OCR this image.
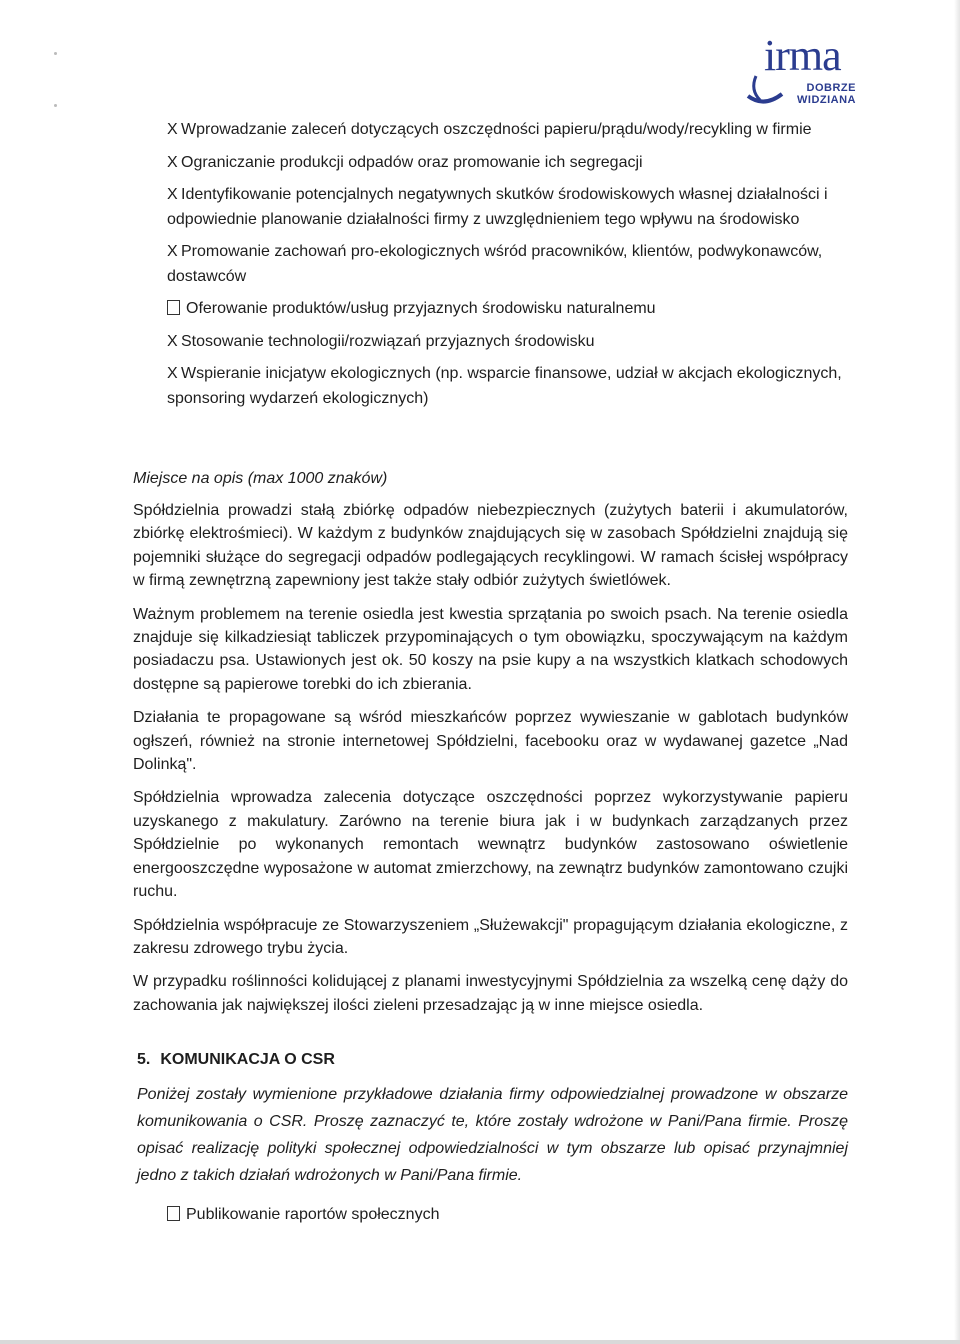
irma
DOBRZE
WIDZIANA

X Wprowadzanie zaleceń dotyczących oszczędności papieru/prądu/wody/recykling w firmie

X Ograniczanie produkcji odpadów oraz promowanie ich segregacji

X Identyfikowanie potencjalnych negatywnych skutków środowiskowych własnej działalności i odpowiednie planowanie działalności firmy z uwzględnieniem tego wpływu na środowisko

X Promowanie zachowań pro-ekologicznych wśród pracowników, klientów, podwykonawców, dostawców

Oferowanie produktów/usług przyjaznych środowisku naturalnemu

X Stosowanie technologii/rozwiązań przyjaznych środowisku

X Wspieranie inicjatyw ekologicznych (np. wsparcie finansowe, udział w akcjach ekologicznych, sponsoring wydarzeń ekologicznych)

Miejsce na opis (max 1000 znaków)

Spółdzielnia prowadzi stałą zbiórkę odpadów niebezpiecznych (zużytych baterii i akumulatorów, zbiórkę elektrośmieci). W każdym z budynków znajdujących się w zasobach Spółdzielni znajdują się pojemniki służące do segregacji odpadów podlegających recyklingowi. W ramach ścisłej współpracy w firmą zewnętrzną zapewniony jest także stały odbiór zużytych świetlówek.

Ważnym problemem na terenie osiedla jest kwestia sprzątania po swoich psach. Na terenie osiedla znajduje się kilkadziesiąt tabliczek przypominających o tym obowiązku, spoczywającym na każdym posiadaczu psa. Ustawionych jest ok. 50 koszy na psie kupy a na wszystkich klatkach schodowych dostępne są papierowe torebki do ich zbierania.

Działania te propagowane są wśród mieszkańców poprzez wywieszanie w gablotach budynków ogłszeń, również na stronie internetowej Spółdzielni, facebooku oraz w wydawanej gazetce „Nad Dolinką".

Spółdzielnia wprowadza zalecenia dotyczące oszczędności poprzez wykorzystywanie papieru uzyskanego z makulatury. Zarówno na terenie biura jak i w budynkach zarządzanych przez Spółdzielnie po wykonanych remontach wewnątrz budynków zastosowano oświetlenie energooszczędne wyposażone w automat zmierzchowy, na zewnątrz budynków zamontowano czujki ruchu.

Spółdzielnia współpracuje ze Stowarzyszeniem „Służewakcji" propagującym działania ekologiczne, z zakresu zdrowego trybu życia.

W przypadku roślinności kolidującej z planami inwestycyjnymi Spółdzielnia za wszelką cenę dąży do zachowania jak największej ilości zieleni przesadzając ją w inne miejsce osiedla.

5. KOMUNIKACJA O CSR

Poniżej zostały wymienione przykładowe działania firmy odpowiedzialnej prowadzone w obszarze komunikowania o CSR. Proszę zaznaczyć te, które zostały wdrożone w Pani/Pana firmie. Proszę opisać realizację polityki społecznej odpowiedzialności w tym obszarze lub opisać przynajmniej jedno z takich działań wdrożonych w Pani/Pana firmie.

Publikowanie raportów społecznych
